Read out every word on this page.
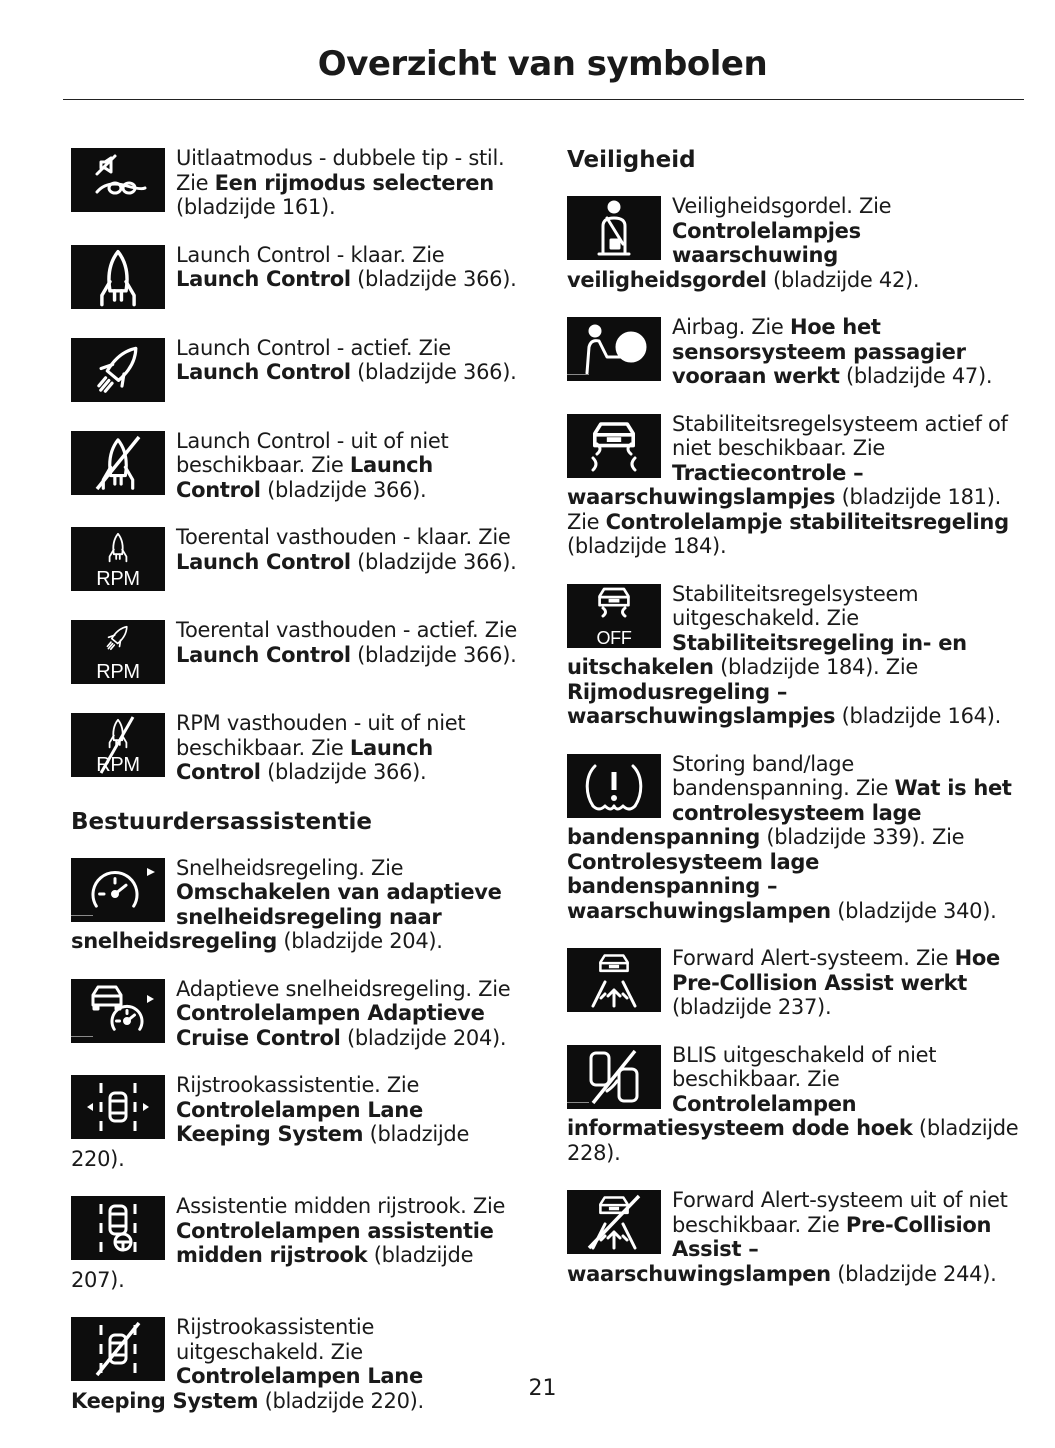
Overzicht van symbolen
Uitlaatmodus - dubbele tip - stil. Zie Een rijmodus selecteren (bladzijde 161).
Launch Control - klaar. Zie Launch Control (bladzijde 366).
Launch Control - actief. Zie Launch Control (bladzijde 366).
Launch Control - uit of niet beschikbaar. Zie Launch Control (bladzijde 366).
RPM
Toerental vasthouden - klaar. Zie Launch Control (bladzijde 366).
RPM
Toerental vasthouden - actief. Zie Launch Control (bladzijde 366).
RPM
RPM vasthouden - uit of niet beschikbaar. Zie Launch Control (bladzijde 366).
Bestuurdersassistentie
Snelheidsregeling. Zie Omschakelen van adaptieve snelheidsregeling naar snelheidsregeling (bladzijde 204).
Adaptieve snelheidsregeling. Zie Controlelampen Adaptieve Cruise Control (bladzijde 204).
Rijstrookassistentie. Zie Controlelampen Lane Keeping System (bladzijde 220).
Assistentie midden rijstrook. Zie Controlelampen assistentie midden rijstrook (bladzijde 207).
Rijstrookassistentie uitgeschakeld. Zie Controlelampen Lane Keeping System (bladzijde 220).
Veiligheid
Veiligheidsgordel. Zie Controlelampjes waarschuwing veiligheidsgordel (bladzijde 42).
Airbag. Zie Hoe het sensorsysteem passagier vooraan werkt (bladzijde 47).
Stabiliteitsregelsysteem actief of niet beschikbaar. Zie Tractiecontrole – waarschuwingslampjes (bladzijde 181). Zie Controlelampje stabiliteitsregeling (bladzijde 184).
OFF
Stabiliteitsregelsysteem uitgeschakeld. Zie Stabiliteitsregeling in- en uitschakelen (bladzijde 184). Zie Rijmodusregeling – waarschuwingslampjes (bladzijde 164).
Storing band/lage bandenspanning. Zie Wat is het controlesysteem lage bandenspanning (bladzijde 339). Zie Controlesysteem lage bandenspanning – waarschuwingslampen (bladzijde 340).
Forward Alert-systeem. Zie Hoe Pre-Collision Assist werkt (bladzijde 237).
BLIS uitgeschakeld of niet beschikbaar. Zie Controlelampen informatiesysteem dode hoek (bladzijde 228).
Forward Alert-systeem uit of niet beschikbaar. Zie Pre-Collision Assist – waarschuwingslampen (bladzijde 244).
21
